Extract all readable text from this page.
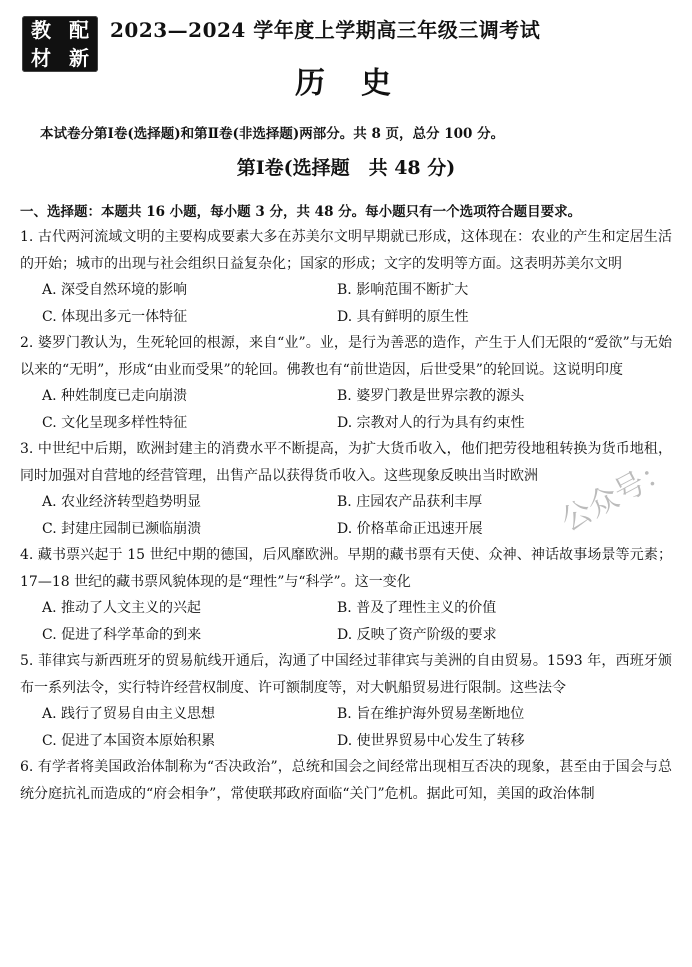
教 配
材 新
2023—2024 学年度上学期高三年级三调考试
历史
本试卷分第Ⅰ卷(选择题)和第Ⅱ卷(非选择题)两部分。共 8 页，总分 100 分。
第Ⅰ卷(选择题　共 48 分)
一、选择题：本题共 16 小题，每小题 3 分，共 48 分。每小题只有一个选项符合题目要求。
1. 古代两河流域文明的主要构成要素大多在苏美尔文明早期就已形成，这体现在：农业的产生和定居生活的开始；城市的出现与社会组织日益复杂化；国家的形成；文字的发明等方面。这表明苏美尔文明
A. 深受自然环境的影响	B. 影响范围不断扩大
C. 体现出多元一体特征	D. 具有鲜明的原生性
2. 婆罗门教认为，生死轮回的根源，来自“业”。业，是行为善恶的造作，产生于人们无限的“爱欲”与无始以来的“无明”，形成“由业而受果”的轮回。佛教也有“前世造因，后世受果”的轮回说。这说明印度
A. 种姓制度已走向崩溃	B. 婆罗门教是世界宗教的源头
C. 文化呈现多样性特征	D. 宗教对人的行为具有约束性
3. 中世纪中后期，欧洲封建主的消费水平不断提高，为扩大货币收入，他们把劳役地租转换为货币地租，同时加强对自营地的经营管理，出售产品以获得货币收入。这些现象反映出当时欧洲
A. 农业经济转型趋势明显	B. 庄园农产品获利丰厚
C. 封建庄园制已濒临崩溃	D. 价格革命正迅速开展
4. 藏书票兴起于 15 世纪中期的德国，后风靡欧洲。早期的藏书票有天使、众神、神话故事场景等元素；17—18 世纪的藏书票风貌体现的是“理性”与“科学”。这一变化
A. 推动了人文主义的兴起	B. 普及了理性主义的价值
C. 促进了科学革命的到来	D. 反映了资产阶级的要求
5. 菲律宾与新西班牙的贸易航线开通后，沟通了中国经过菲律宾与美洲的自由贸易。1593 年，西班牙颁布一系列法令，实行特许经营权制度、许可额制度等，对大帆船贸易进行限制。这些法令
A. 践行了贸易自由主义思想	B. 旨在维护海外贸易垄断地位
C. 促进了本国资本原始积累	D. 使世界贸易中心发生了转移
6. 有学者将美国政治体制称为“否决政治”，总统和国会之间经常出现相互否决的现象，甚至由于国会与总统分庭抗礼而造成的“府会相争”，常使联邦政府面临“关门”危机。据此可知，美国的政治体制
公众号：
